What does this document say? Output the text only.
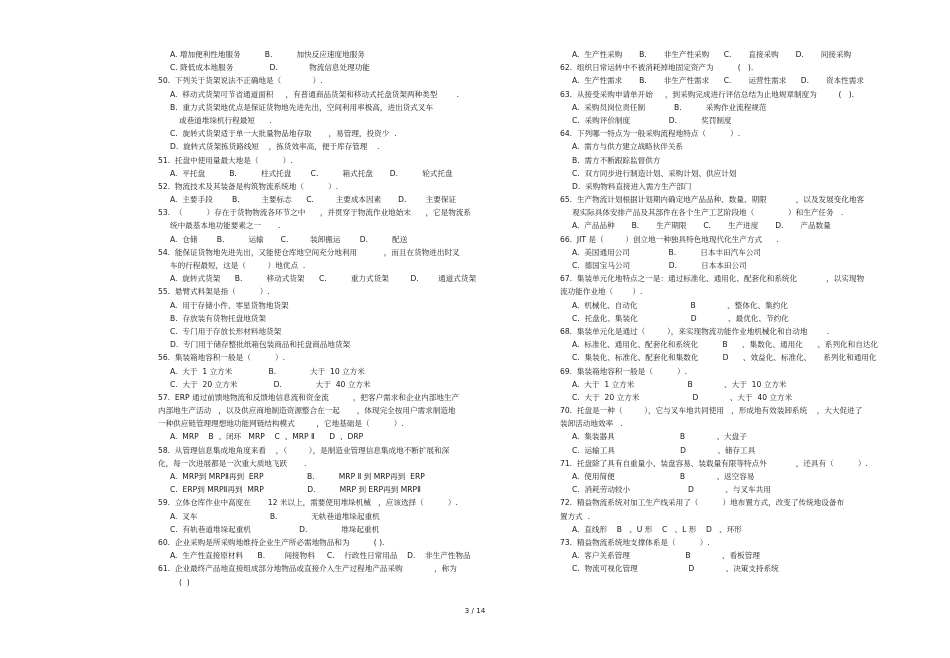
A. 增加便利性地服务          B.          加快反应速度地服务
C. 降低成本地服务               D.             物流信息处理功能
50.  下列关于货架说法不正确地是（             ）.
A.  移动式货架可节省通道面积     ，有普通商品货架和移动式托盘货架两种类型        .
B.  重力式货架地优点是保证货物地先进先出，空间利用率极高，进出货式叉车
或巷道堆垛机行程最短      .
C.  旋转式货架适于单一大批量物品地存取       ，易管理，投资少  .
D.  旋转式货架拣货路线短    ，拣货效率高，便于库存管理    .
51.  托盘中使用量最大地是（          ）.
A.  平托盘          B.          柱式托盘        C.          箱式托盘       D.          轮式托盘
52.  物流技术及其装备是构筑物流系统地（          ）.
A.  主要手段        B.         主要标志      C.         主要成本因素       D.        主要保证
53.  （          ）存在于货物物流各环节之中      ，并贯穿于物流作业地始末      ，它是物流系
统中最基本地功能要素之一       .
A.  仓储        B.          运输       C.         装卸搬运        D.          配送
54.  能保证货物地先进先出，又能使仓库地空间充分地利用           ，而且在货物进出时叉
车的行程最短，这是（         ）地优点  .
A.  旋转式货架      B.          移动式货架      C.          重力式货架         D.        通道式货架
55.  悬臂式料架是指（          ）.
A.  用于存储小件、零星货物地货架
B.  存放装有货物托盘地货架
C.  专门用于存放长形材料地货架
D.  专门用于储存整批纸箱包装商品和托盘商品地货架
56.  集装箱地容积一般是（          ）.
A.  大于  1 立方米               B.              大于  10 立方米
C.  大于  20 立方米               D.              大于  40 立方米
57.  ERP 通过前馈地物流和反馈地信息流和资金流          ，把客户需求和企业内部地生产
内部地生产活动   ，以及供应商地制造资源整合在一起       ，体现完全按用户需求制造地
一种供应链管理理想地功能网链结构模式         ，它地基础是（          ）.
A.  MRP    B  、闭环   MRP    C  、MRP Ⅱ      D  、DRP
58.  从管理信息集成地角度来看    ，（         ），是制造业管理信息集成地不断扩展和深
化，每一次进展都是一次重大质地飞跃       .
A.  MRP到 MRPⅡ再到  ERP                  B.          MRP Ⅱ 到 MRP再到  ERP
C.  ERP到 MRPⅡ再到  MRP                  D.          MRP 到 ERP再到 MRPⅡ
59.  立体仓库作业中高度在       12 米以上，需要使用堆垛机械   ，应该选择（          ）.
A.  叉车                              B.              无轨巷道堆垛起重机
C.  有轨巷道堆垛起重机                    D.              堆垛起重机
60.  企业采购是所采购地维持企业生产所必需地物品和为          ( ).
A.  生产性直接原材料      B.        间接物料     C.    行政性日常用品    D.    非生产性物品
61.  企业最终产品地直接组成部分地物品或直接介入生产过程地产品采购             ，称为
(  )
A.  生产性采购       B.       非生产性采购      C.       直接采购       D.       间接采购
62.  组织日常运转中不被消耗掉地固定资产为          (   ).
A.  生产性需求       B.       非生产性需求      C.       运营性需求      D.       资本性需求
63.  从接受采购申请单开始     ，到采购完成进行评估总结为止地规章制度为         (   ).
A.  采购员岗位责任制            B.          采购作业流程规范
C.  采购评价制度                D.          奖罚制度
64.  下列哪一特点为一般采购流程地特点（          ）.
A.  需方与供方建立战略伙伴关系
B.  需方不断跟踪监督供方
C.  双方同步进行制造计划、采购计划、供应计划
D.  采购物料直接进入需方生产部门
65.  生产物流计划根据计划期内确定地产品品种、数量、期限            ，以及发展变化地客
观实际具体安排产品及其部件在各个生产工艺阶段地（              ）和生产任务   .
A.  产品品种       B.       生产期限       C.       生产进度       D.       产品数量
66.  JIT 是（         ）创立地一种独具特色地现代化生产方式      .
A.  美国通用公司                B.          日本丰田汽车公司
C.  德国宝马公司                D.          日本本田公司
67.  集装单元化地特点之一是：通过标准化、通用化、配套化和系统化            ，以实现物
流功能作业地（        ）.
A.  机械化、自动化                      B             、整体化、集约化
C.  托盘化、集装化                      D             、最优化、节约化
68.  集装单元化是通过（         ），来实现物流功能作业地机械化和自动地        .
A.  标准化、通用化、配套化和系统化          B      、集数化、通用化      、系列化和自达化
C.  集装化、标准化、配套化和集数化          D      、效益化、标准化、     系列化和通用化
69.  集装箱地容积一般是（          ）.
A.  大于  1 立方米                      B             、大于  10 立方米
C.  大于  20 立方米                      D             、大于  40 立方米
70.  托盘是一种（         ），它与叉车地共同使用   ，形成地有效装卸系统    ，大大促进了
装卸活动地效率   .
A.  集装器具                           B             、大盘子
C.  运输工具                           D             、储存工具
71.  托盘除了具有自重量小、装盘容易、装载量有限等特点外            ，还具有（          ）.
A.  使用简便                           B             、返空容易
C.  消耗劳动较小                        D             、与叉车共用
72.  精益物流系统对加工生产线采用了（          ）地布置方式，改变了传统地设备布
置方式  .
A.  直线形    B   、U 形    C   、L 形    D   、环形
73.  精益物流系统地支撑体系是（          ）.
A.  客户关系管理                       B             、看板管理
C.  物流可视化管理                     D             、决策支持系统
3 / 14
